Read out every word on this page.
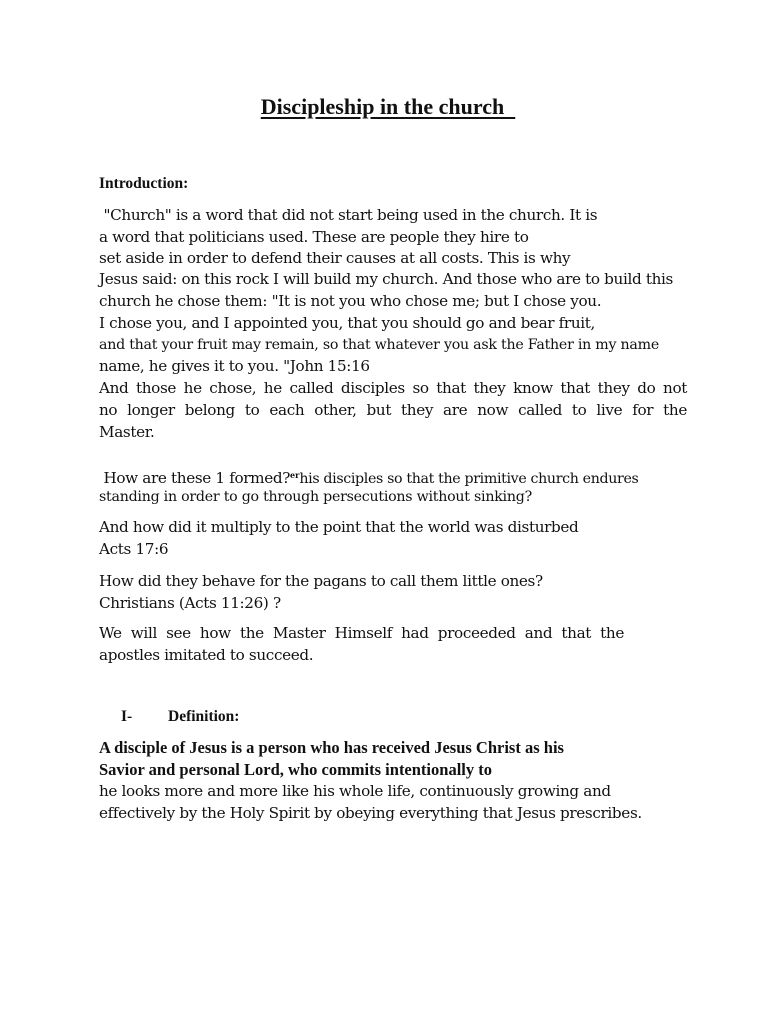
Discipleship in the church
Introduction:
"Church" is a word that did not start being used in the church. It is
a word that politicians used. These are people they hire to
set aside in order to defend their causes at all costs. This is why
Jesus said: on this rock I will build my church. And those who are to build this
church he chose them: "It is not you who chose me; but I chose you.
I chose you, and I appointed you, that you should go and bear fruit,
and that your fruit may remain, so that whatever you ask the Father in my name
name, he gives it to you. "John 15:16
And those he chose, he called disciples so that they know that they do not
no longer belong to each other, but they are now called to live for the
Master.
How are these 1 formed?$^{er}$his disciples so that the primitive church endures
standing in order to go through persecutions without sinking?
And how did it multiply to the point that the world was disturbed
Acts 17:6
How did they behave for the pagans to call them little ones?
Christians (Acts 11:26) ?
We will see how the Master Himself had proceeded and that the
apostles imitated to succeed.
I- Definition:
A disciple of Jesus is a person who has received Jesus Christ as his
Savior and personal Lord, who commits intentionally to
he looks more and more like his whole life, continuously growing and
effectively by the Holy Spirit by obeying everything that Jesus prescribes.
